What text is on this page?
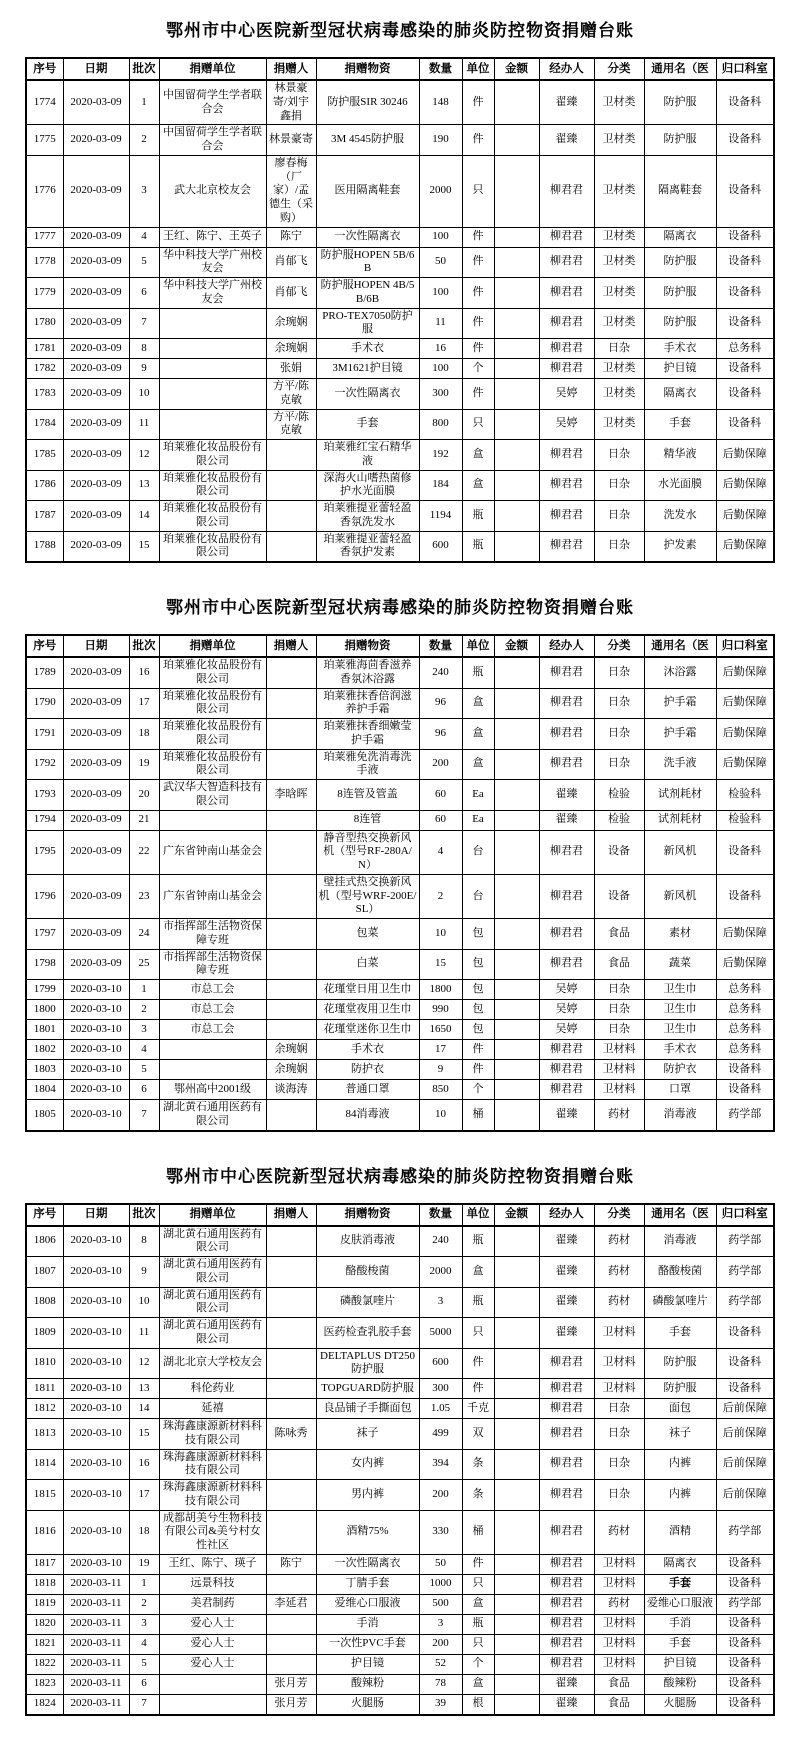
鄂州市中心医院新型冠状病毒感染的肺炎防控物资捐赠台账
序号	日期	批次	捐赠单位	捐赠人	捐赠物资	数量	单位	金额	经办人	分类	通用名（医	归口科室
1774	2020-03-09	1	中国留荷学生学者联合会	林景豪寄/刘宇鑫捐	防护服SIR 30246	148	件		翟臻	卫材类	防护服	设备科
1775	2020-03-09	2	中国留荷学生学者联合会	林景豪寄	3M 4545防护服	190	件		翟臻	卫材类	防护服	设备科
1776	2020-03-09	3	武大北京校友会	廖春梅（厂家）/孟德生（采购）	医用隔离鞋套	2000	只		柳君君	卫材类	隔离鞋套	设备科
1777	2020-03-09	4	王红、陈宁、王英子	陈宁	一次性隔离衣	100	件		柳君君	卫材类	隔离衣	设备科
1778	2020-03-09	5	华中科技大学广州校友会	肖郁飞	防护服HOPEN 5B/6B	50	件		柳君君	卫材类	防护服	设备科
1779	2020-03-09	6	华中科技大学广州校友会	肖郁飞	防护服HOPEN 4B/5B/6B	100	件		柳君君	卫材类	防护服	设备科
1780	2020-03-09	7		余琬娴	PRO-TEX7050防护服	11	件		柳君君	卫材类	防护服	设备科
1781	2020-03-09	8		余琬娴	手术衣	16	件		柳君君	日杂	手术衣	总务科
1782	2020-03-09	9		张娟	3M1621护目镜	100	个		柳君君	卫材类	护目镜	设备科
1783	2020-03-09	10		方平/陈克敏	一次性隔离衣	300	件		吴婷	卫材类	隔离衣	设备科
1784	2020-03-09	11		方平/陈克敏	手套	800	只		吴婷	卫材类	手套	设备科
1785	2020-03-09	12	珀莱雅化妆品股份有限公司		珀莱雅红宝石精华液	192	盒		柳君君	日杂	精华液	后勤保障
1786	2020-03-09	13	珀莱雅化妆品股份有限公司		深海火山嗜热菌修护水光面膜	184	盒		柳君君	日杂	水光面膜	后勤保障
1787	2020-03-09	14	珀莱雅化妆品股份有限公司		珀莱雅提亚蕾轻盈香氛洗发水	1194	瓶		柳君君	日杂	洗发水	后勤保障
1788	2020-03-09	15	珀莱雅化妆品股份有限公司		珀莱雅提亚蕾轻盈香氛护发素	600	瓶		柳君君	日杂	护发素	后勤保障
鄂州市中心医院新型冠状病毒感染的肺炎防控物资捐赠台账
序号	日期	批次	捐赠单位	捐赠人	捐赠物资	数量	单位	金额	经办人	分类	通用名（医	归口科室
1789	2020-03-09	16	珀莱雅化妆品股份有限公司		珀莱雅海茴香滋养香氛沐浴露	240	瓶		柳君君	日杂	沐浴露	后勤保障
1790	2020-03-09	17	珀莱雅化妆品股份有限公司		珀莱雅抹香倍润滋养护手霜	96	盒		柳君君	日杂	护手霜	后勤保障
1791	2020-03-09	18	珀莱雅化妆品股份有限公司		珀莱雅抹香细嫩莹护手霜	96	盒		柳君君	日杂	护手霜	后勤保障
1792	2020-03-09	19	珀莱雅化妆品股份有限公司		珀莱雅免洗消毒洗手液	200	盒		柳君君	日杂	洗手液	后勤保障
1793	2020-03-09	20	武汉华大智造科技有限公司	李晗晖	8连管及管盖	60	Ea		翟臻	检验	试剂耗材	检验科
1794	2020-03-09	21			8连管	60	Ea		翟臻	检验	试剂耗材	检验科
1795	2020-03-09	22	广东省钟南山基金会		静音型热交换新风机（型号RF-280A/N）	4	台		柳君君	设备	新风机	设备科
1796	2020-03-09	23	广东省钟南山基金会		壁挂式热交换新风机（型号WRF-200E/SL）	2	台		柳君君	设备	新风机	设备科
1797	2020-03-09	24	市指挥部生活物资保障专班		包菜	10	包		柳君君	食品	素材	后勤保障
1798	2020-03-09	25	市指挥部生活物资保障专班		白菜	15	包		柳君君	食品	蔬菜	后勤保障
1799	2020-03-10	1	市总工会		花瑾堂日用卫生巾	1800	包		吴婷	日杂	卫生巾	总务科
1800	2020-03-10	2	市总工会		花瑾堂夜用卫生巾	990	包		吴婷	日杂	卫生巾	总务科
1801	2020-03-10	3	市总工会		花瑾堂迷你卫生巾	1650	包		吴婷	日杂	卫生巾	总务科
1802	2020-03-10	4		余琬娴	手术衣	17	件		柳君君	卫材料	手术衣	总务科
1803	2020-03-10	5		余琬娴	防护衣	9	件		柳君君	卫材料	防护衣	设备科
1804	2020-03-10	6	鄂州高中2001级	谈海涛	普通口罩	850	个		柳君君	卫材料	口罩	设备科
1805	2020-03-10	7	湖北黄石通用医药有限公司		84消毒液	10	桶		翟臻	药材	消毒液	药学部
鄂州市中心医院新型冠状病毒感染的肺炎防控物资捐赠台账
序号	日期	批次	捐赠单位	捐赠人	捐赠物资	数量	单位	金额	经办人	分类	通用名（医	归口科室
1806	2020-03-10	8	湖北黄石通用医药有限公司		皮肤消毒液	240	瓶		翟臻	药材	消毒液	药学部
1807	2020-03-10	9	湖北黄石通用医药有限公司		酪酸梭菌	2000	盒		翟臻	药材	酪酸梭菌	药学部
1808	2020-03-10	10	湖北黄石通用医药有限公司		磷酸氯喹片	3	瓶		翟臻	药材	磷酸氯喹片	药学部
1809	2020-03-10	11	湖北黄石通用医药有限公司		医药检查乳胶手套	5000	只		翟臻	卫材料	手套	设备科
1810	2020-03-10	12	湖北北京大学校友会		DELTAPLUS DT250防护服	600	件		柳君君	卫材料	防护服	设备科
1811	2020-03-10	13	科伦药业		TOPGUARD防护服	300	件		柳君君	卫材料	防护服	设备科
1812	2020-03-10	14	延禧		良品铺子手撕面包	1.05	千克		柳君君	日杂	面包	后前保障
1813	2020-03-10	15	珠海鑫康源新材料科技有限公司	陈咏秀	袜子	499	双		柳君君	日杂	袜子	后前保障
1814	2020-03-10	16	珠海鑫康源新材料科技有限公司		女内裤	394	条		柳君君	日杂	内裤	后前保障
1815	2020-03-10	17	珠海鑫康源新材料科技有限公司		男内裤	200	条		柳君君	日杂	内裤	后前保障
1816	2020-03-10	18	成都胡美兮生物科技有限公司&美兮村女性社区		酒精75%	330	桶		柳君君	药材	酒精	药学部
1817	2020-03-10	19	王红、陈宁、瑛子	陈宁	一次性隔离衣	50	件		柳君君	卫材料	隔离衣	设备科
1818	2020-03-11	1	远景科技		丁腈手套	1000	只		柳君君	卫材料	手套	设备科
1819	2020-03-11	2	美君制药	李延君	爱维心口服液	500	盒		柳君君	药材	爱维心口服液	药学部
1820	2020-03-11	3	爱心人士		手消	3	瓶		柳君君	卫材料	手消	设备科
1821	2020-03-11	4	爱心人士		一次性PVC手套	200	只		柳君君	卫材料	手套	设备科
1822	2020-03-11	5	爱心人士		护目镜	52	个		柳君君	卫材料	护目镜	设备科
1823	2020-03-11	6		张月芳	酸辣粉	78	盒		翟臻	食品	酸辣粉	设备科
1824	2020-03-11	7		张月芳	火腿肠	39	根		翟臻	食品	火腿肠	设备科
